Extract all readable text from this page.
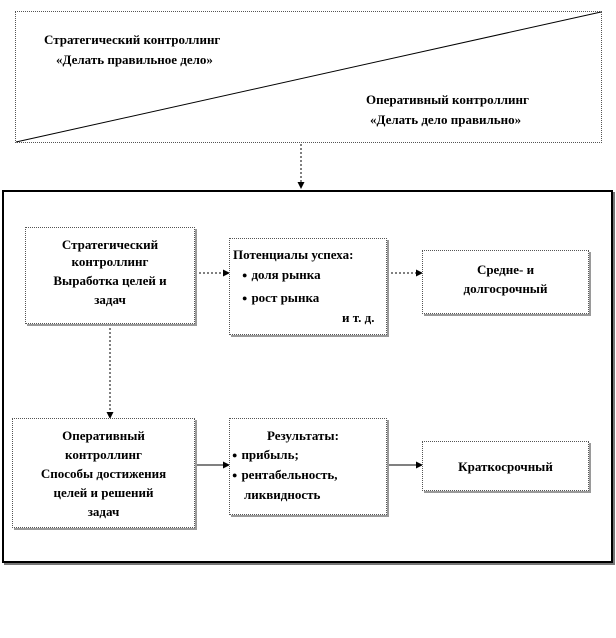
Стратегический контроллинг
«Делать правильное дело»
Оперативный контроллинг
«Делать дело правильно»
Стратегический
контроллинг
Выработка целей и
задач
Потенциалы успеха:
● доля рынка
● рост рынка
и т. д.
Средне- и
долгосрочный
Оперативный
контроллинг
Способы достижения
целей и решений
задач
Результаты:
● прибыль;
● рентабельность,
ликвидность
Краткосрочный
